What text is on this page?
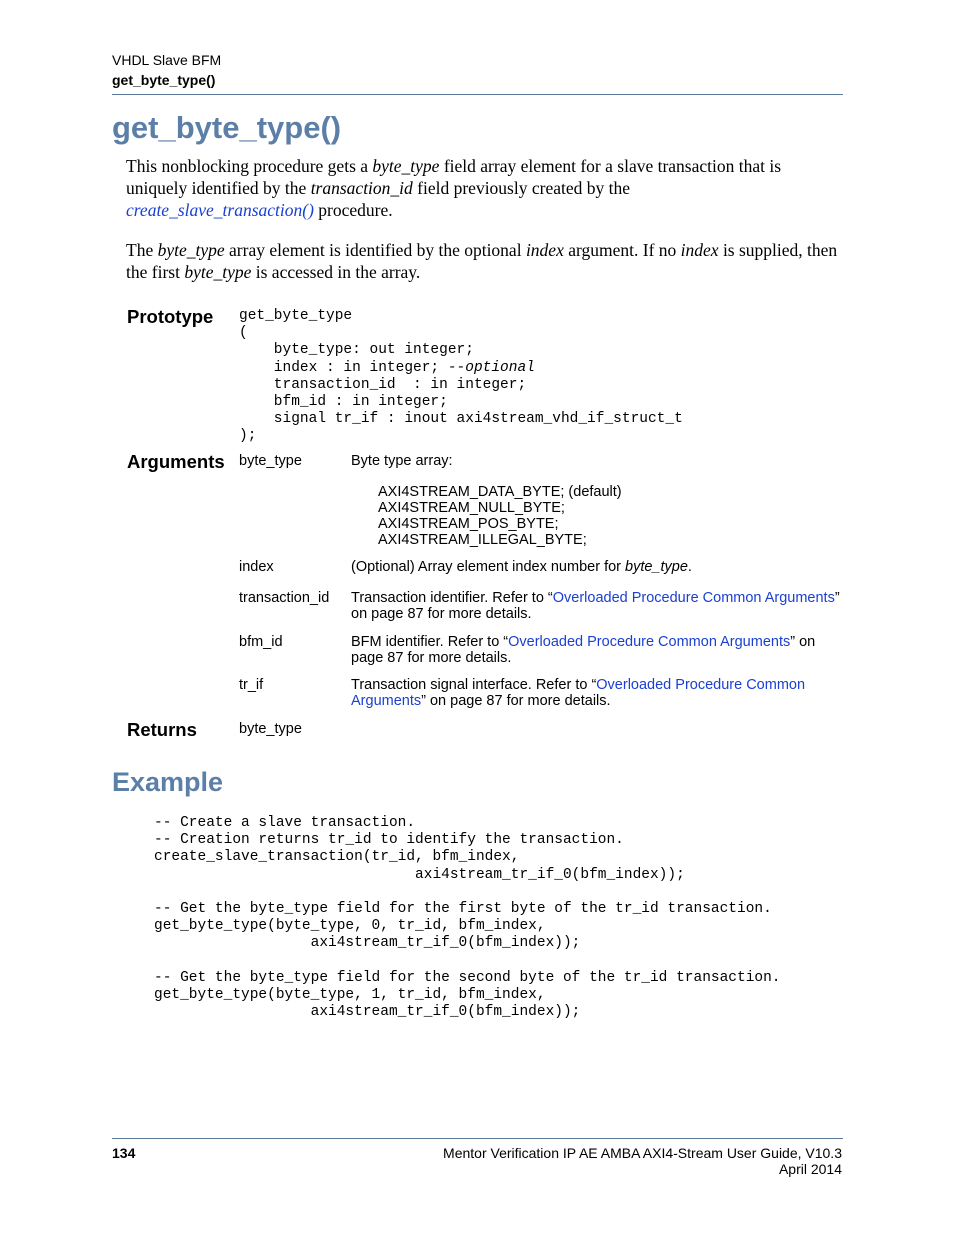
VHDL Slave BFM
get_byte_type()
get_byte_type()
This nonblocking procedure gets a byte_type field array element for a slave transaction that is uniquely identified by the transaction_id field previously created by the
create_slave_transaction() procedure.
The byte_type array element is identified by the optional index argument. If no index is supplied, then the first byte_type is accessed in the array.
Prototype get_byte_type
(
byte_type: out integer;
index : in integer; --optional
transaction_id  : in integer;
bfm_id : in integer;
signal tr_if : inout axi4stream_vhd_if_struct_t
);
Arguments byte_type	Byte type array:
AXI4STREAM_DATA_BYTE; (default)
AXI4STREAM_NULL_BYTE;
AXI4STREAM_POS_BYTE;
AXI4STREAM_ILLEGAL_BYTE;
index	(Optional) Array element index number for byte_type.
transaction_id Transaction identifier. Refer to “Overloaded Procedure Common Arguments” on page 87 for more details.
bfm_id	BFM identifier. Refer to “Overloaded Procedure Common Arguments” on page 87 for more details.
tr_if	Transaction signal interface. Refer to “Overloaded Procedure Common Arguments” on page 87 for more details.
Returns	byte_type
Example
-- Create a slave transaction.
-- Creation returns tr_id to identify the transaction.
create_slave_transaction(tr_id, bfm_index,
axi4stream_tr_if_0(bfm_index));

-- Get the byte_type field for the first byte of the tr_id transaction.
get_byte_type(byte_type, 0, tr_id, bfm_index,
axi4stream_tr_if_0(bfm_index));

-- Get the byte_type field for the second byte of the tr_id transaction.
get_byte_type(byte_type, 1, tr_id, bfm_index,
axi4stream_tr_if_0(bfm_index));
134	Mentor Verification IP AE AMBA AXI4-Stream User Guide, V10.3
April 2014
